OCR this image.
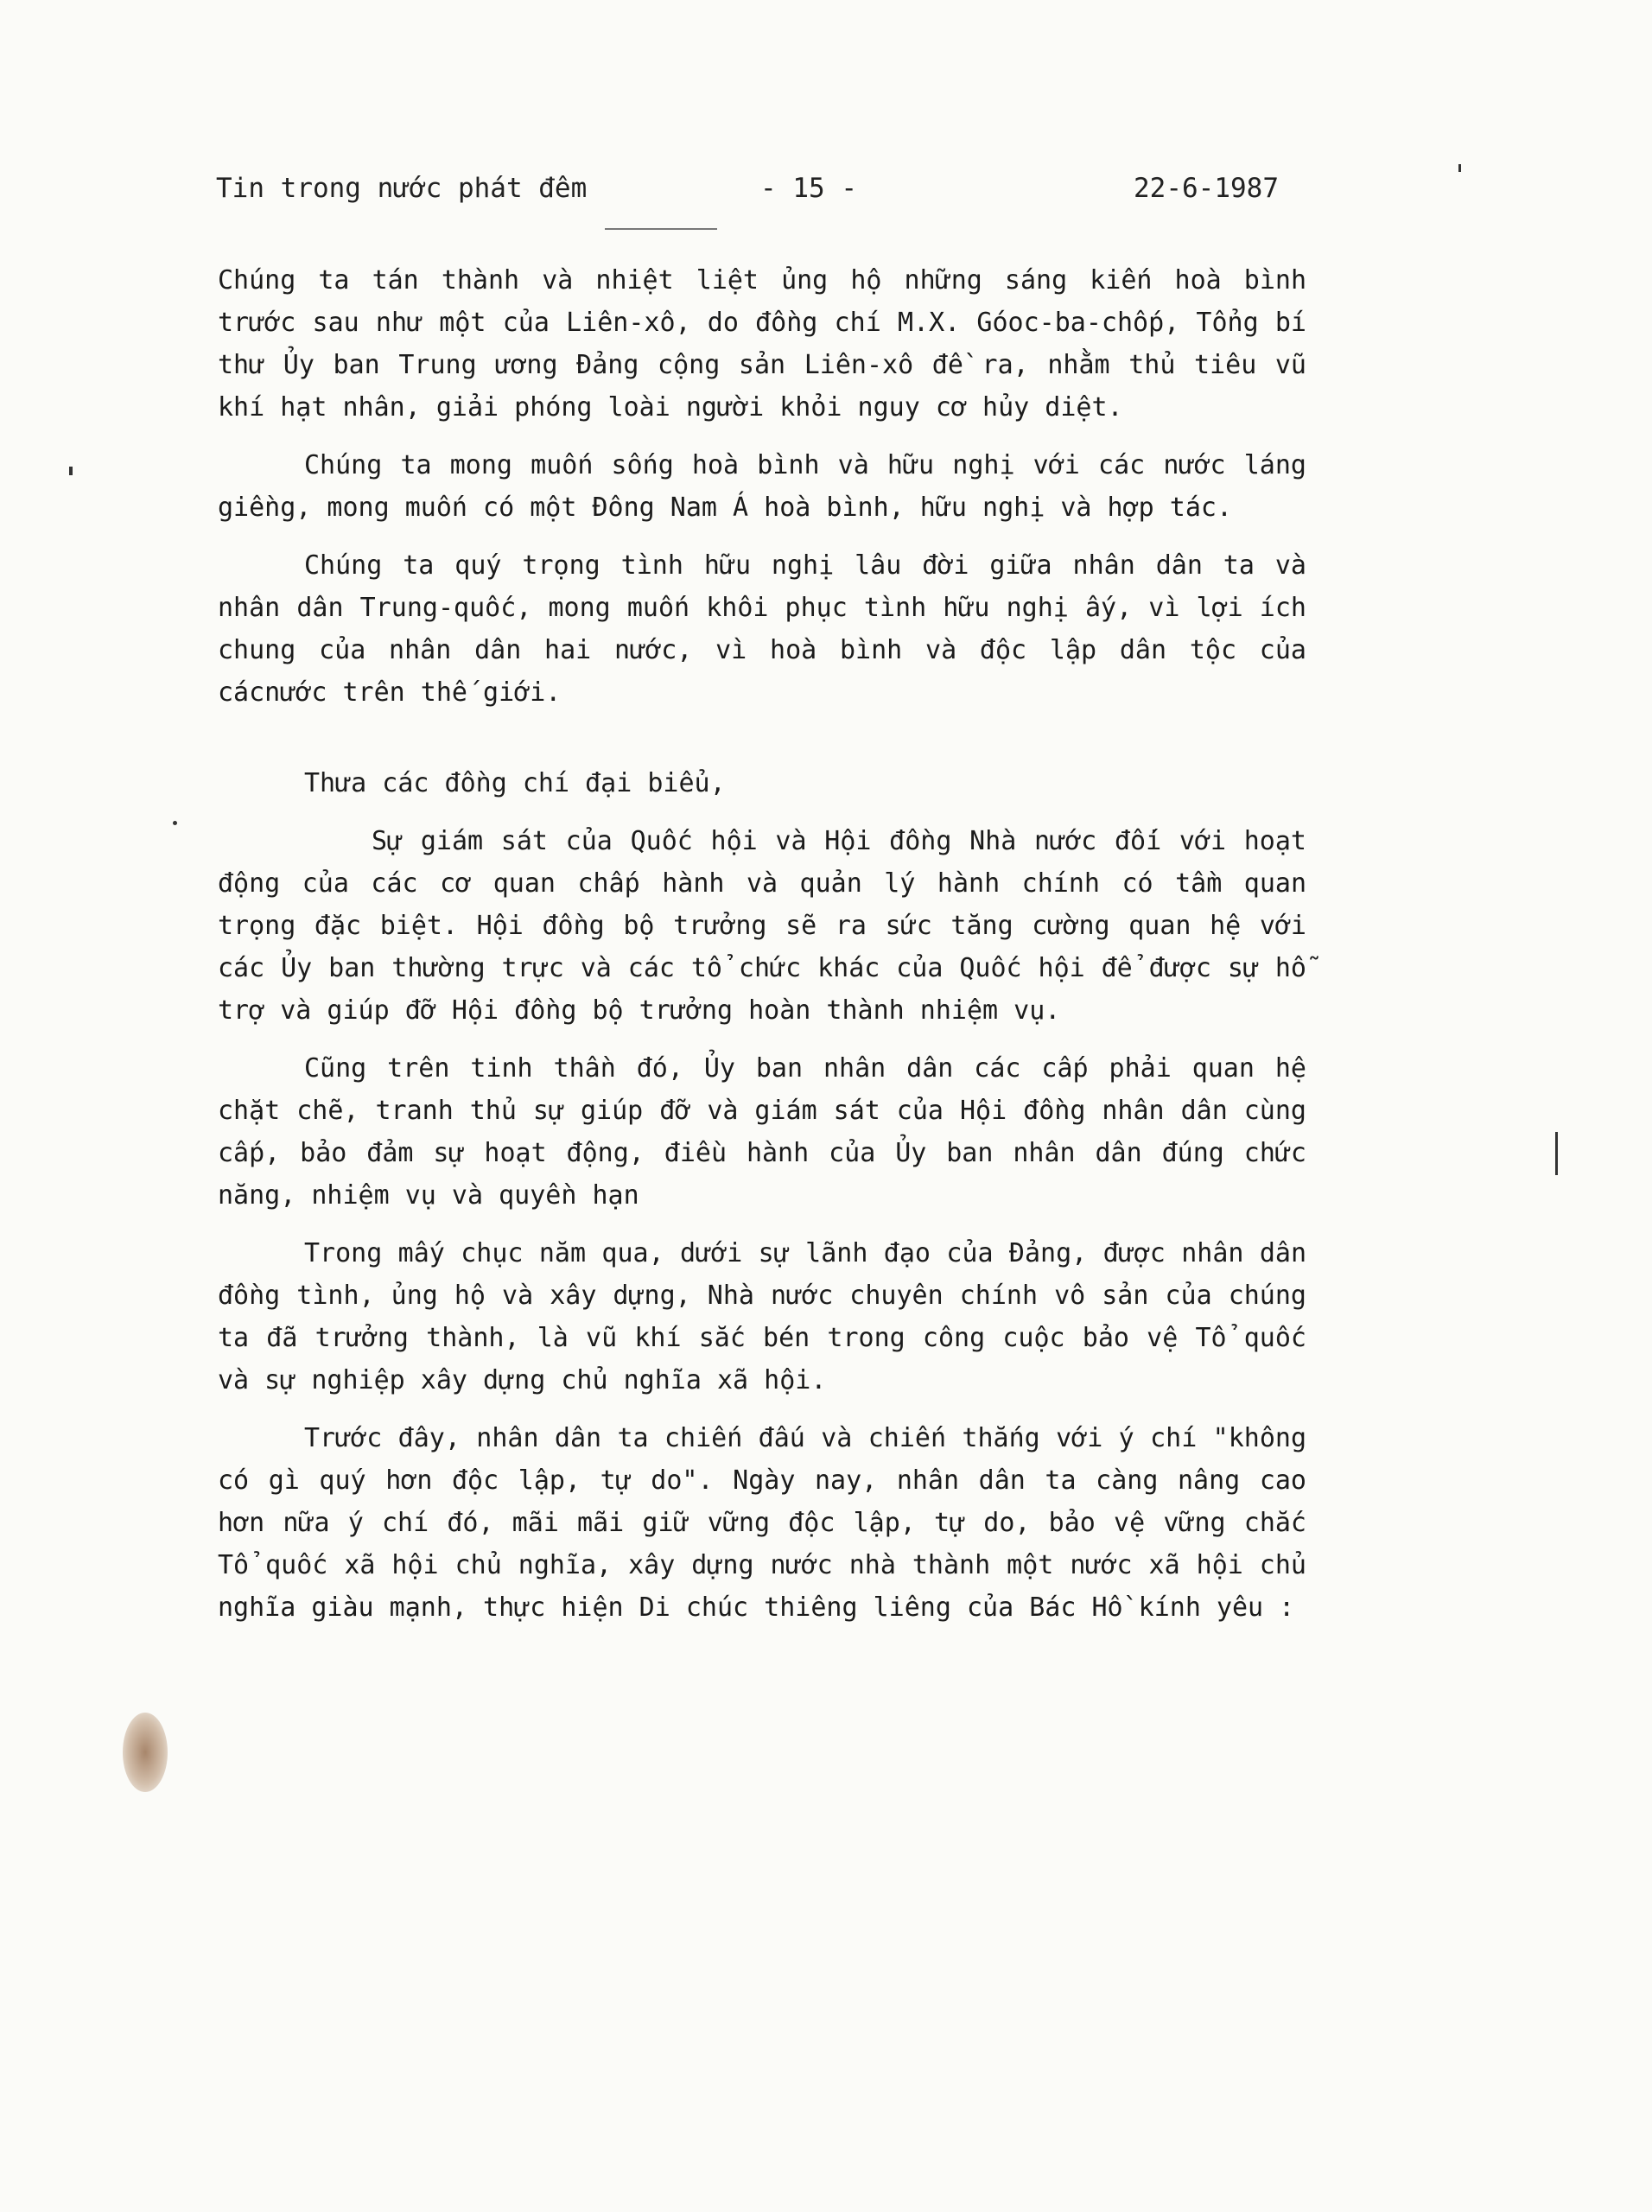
Tin trong nước phát đêm	- 15 -	22-6-1987

Chúng ta tán thành và nhiệt liệt ủng hộ những sáng kiến hoà bình trước sau như một của Liên-xô, do đồng chí M.X. Góoc-ba-chốp, Tổng bí thư Ủy ban Trung ương Đảng cộng sản Liên-xô đề ra, nhằm thủ tiêu vũ khí hạt nhân, giải phóng loài người khỏi nguy cơ hủy diệt.

Chúng ta mong muốn sống hoà bình và hữu nghị với các nước láng giềng, mong muốn có một Đông Nam Á hoà bình, hữu nghị và hợp tác.

Chúng ta quý trọng tình hữu nghị lâu đời giữa nhân dân ta và nhân dân Trung-quốc, mong muốn khôi phục tình hữu nghị ấy, vì lợi ích chung của nhân dân hai nước, vì hoà bình và độc lập dân tộc của cácnước trên thế giới.

Thưa các đồng chí đại biểu,

Sự giám sát của Quốc hội và Hội đồng Nhà nước đối với hoạt động của các cơ quan chấp hành và quản lý hành chính có tầm quan trọng đặc biệt. Hội đồng bộ trưởng sẽ ra sức tăng cường quan hệ với các Ủy ban thường trực và các tổ chức khác của Quốc hội để được sự hỗ trợ và giúp đỡ Hội đồng bộ trưởng hoàn thành nhiệm vụ.

Cũng trên tinh thần đó, Ủy ban nhân dân các cấp phải quan hệ chặt chẽ, tranh thủ sự giúp đỡ và giám sát của Hội đồng nhân dân cùng cấp, bảo đảm sự hoạt động, điều hành của Ủy ban nhân dân đúng chức năng, nhiệm vụ và quyền hạn

Trong mấy chục năm qua, dưới sự lãnh đạo của Đảng, được nhân dân đồng tình, ủng hộ và xây dựng, Nhà nước chuyên chính vô sản của chúng ta đã trưởng thành, là vũ khí sắc bén trong công cuộc bảo vệ Tổ quốc và sự nghiệp xây dựng chủ nghĩa xã hội.

Trước đây, nhân dân ta chiến đấu và chiến thắng với ý chí "không có gì quý hơn độc lập, tự do". Ngày nay, nhân dân ta càng nâng cao hơn nữa ý chí đó, mãi mãi giữ vững độc lập, tự do, bảo vệ vững chắc Tổ quốc xã hội chủ nghĩa, xây dựng nước nhà thành một nước xã hội chủ nghĩa giàu mạnh, thực hiện Di chúc thiêng liêng của Bác Hồ kính yêu :
